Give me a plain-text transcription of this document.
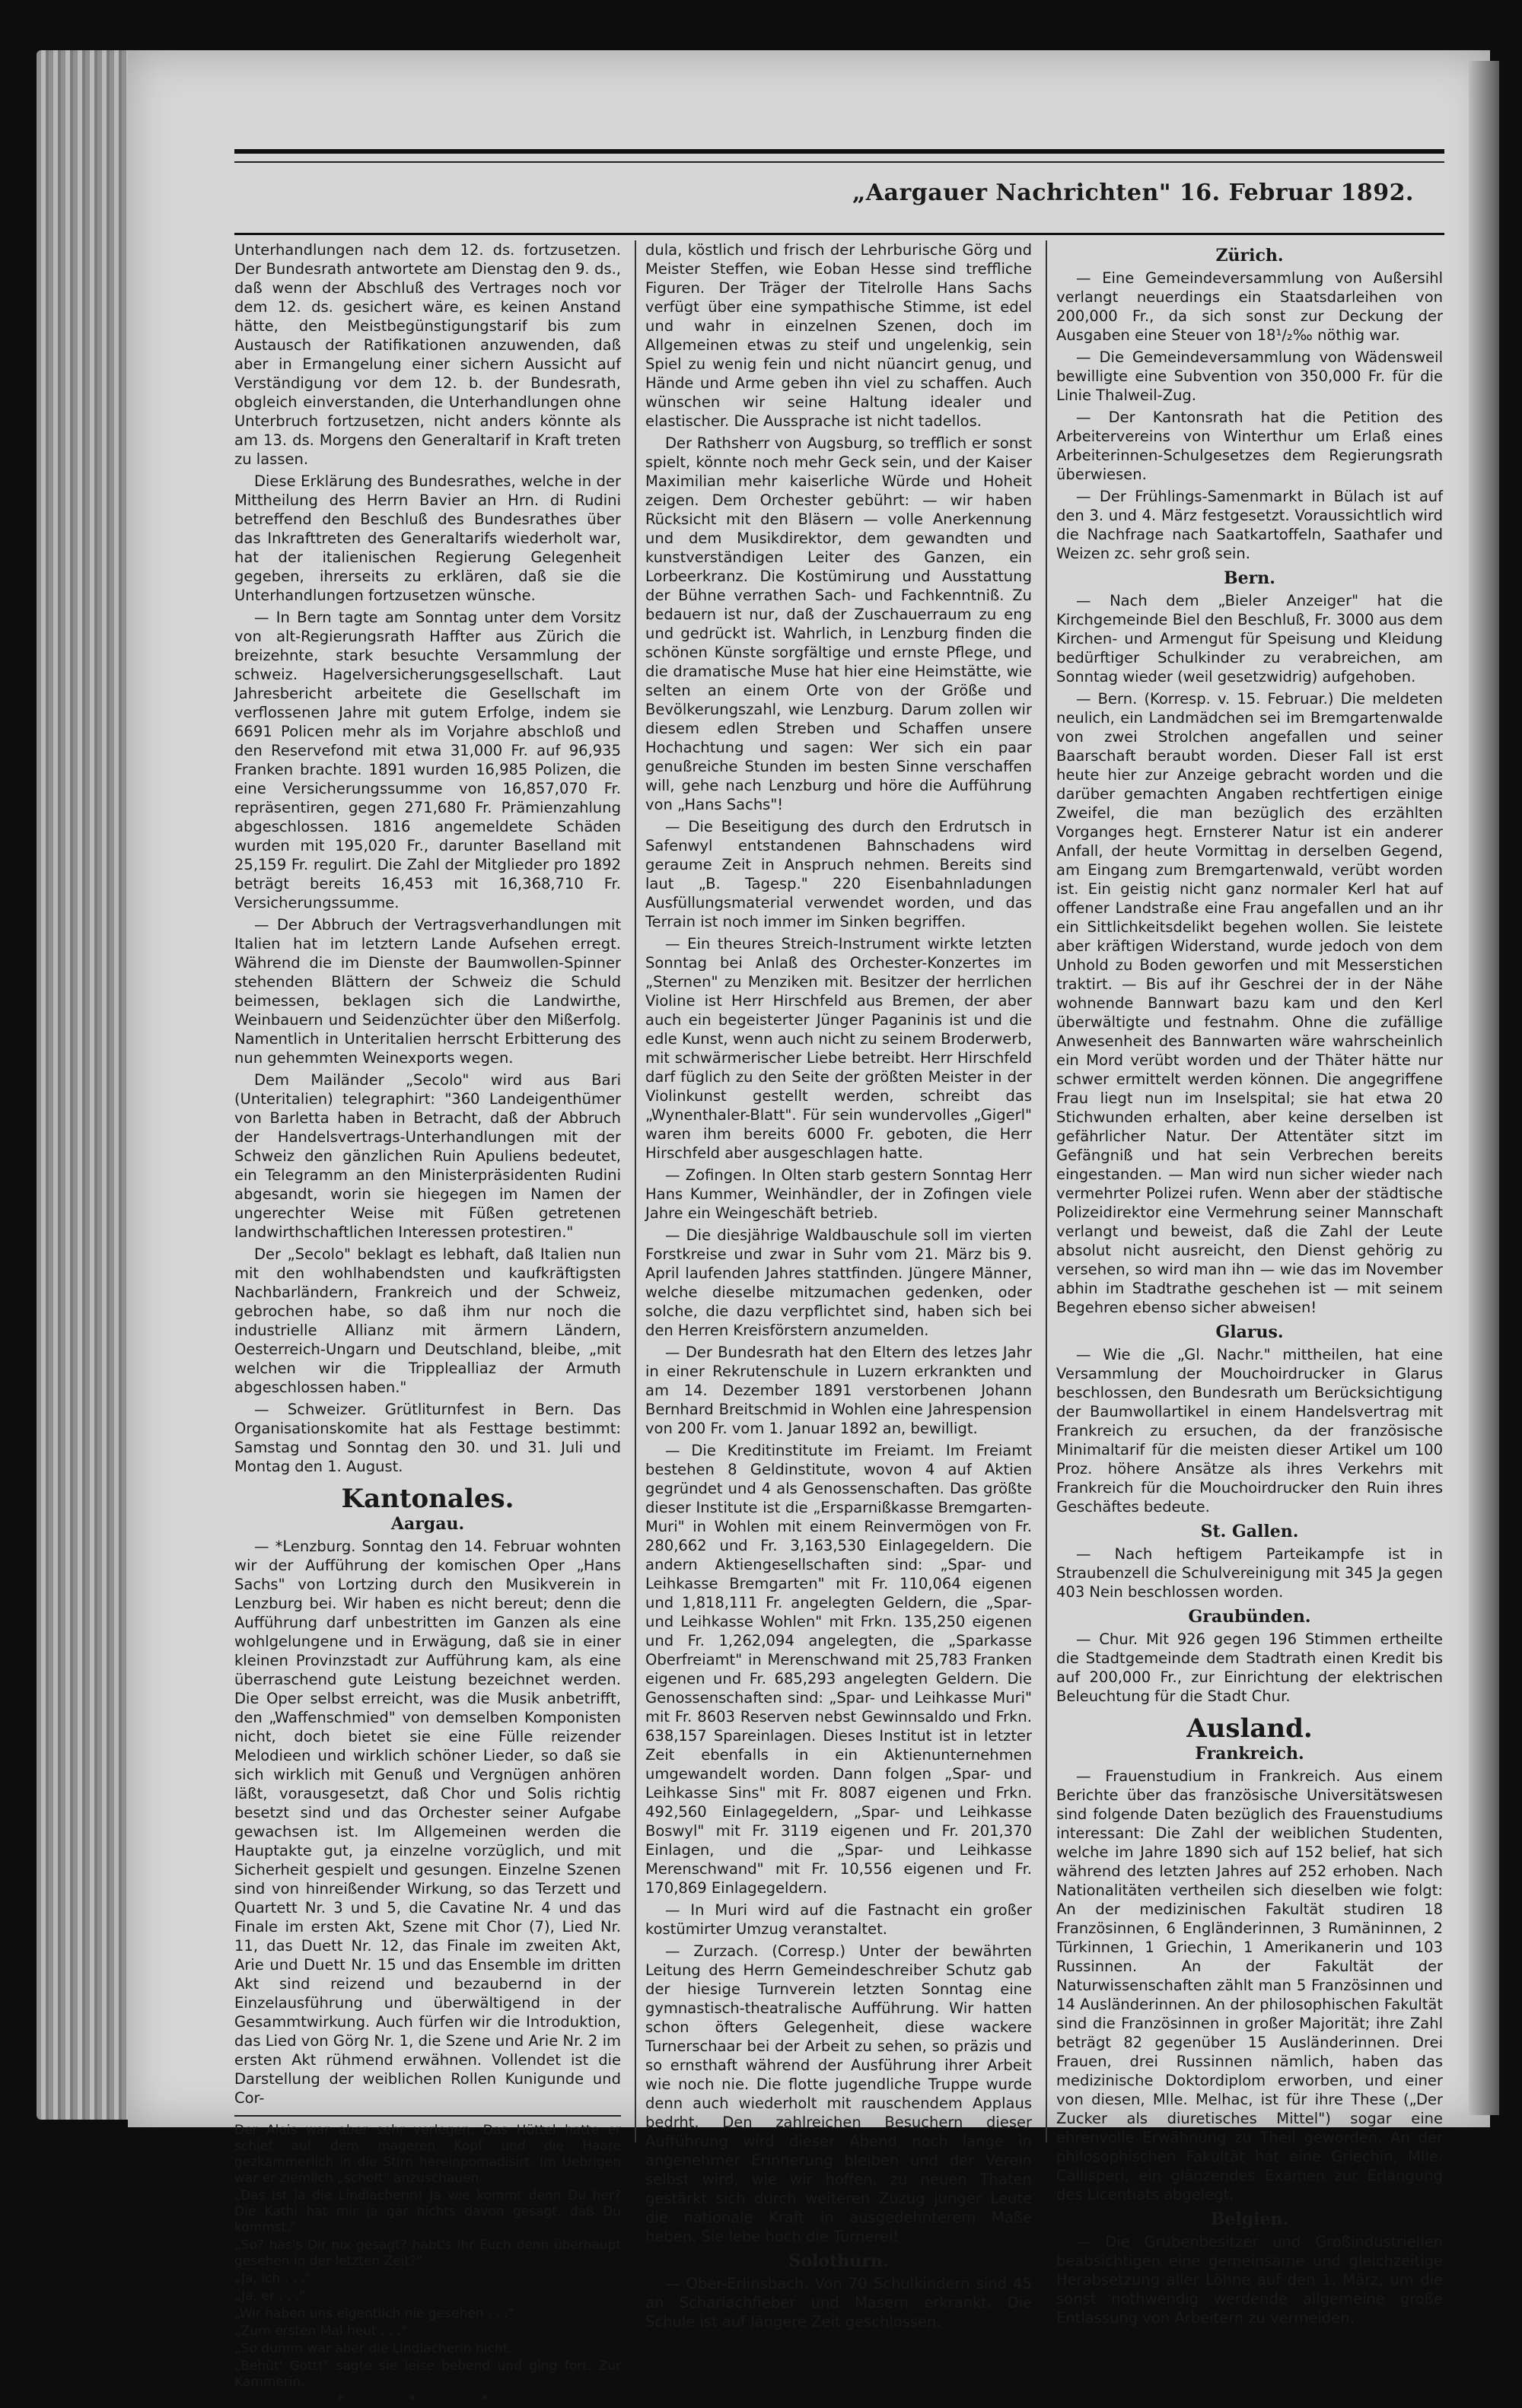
„Aargauer Nachrichten" 16. Februar 1892.

Unterhandlungen nach dem 12. ds. fortzusetzen. Der Bundesrath antwortete am Dienstag den 9. ds., daß wenn der Abschluß des Vertrages noch vor dem 12. ds. gesichert wäre, es keinen Anstand hätte, den Meistbegünstigungstarif bis zum Austausch der Ratifikationen anzuwenden, daß aber in Ermangelung einer sichern Aussicht auf Verständigung vor dem 12. b. der Bundesrath, obgleich einverstanden, die Unterhandlungen ohne Unterbruch fortzusetzen, nicht anders könnte als am 13. ds. Morgens den Generaltarif in Kraft treten zu lassen.

Diese Erklärung des Bundesrathes, welche in der Mittheilung des Herrn Bavier an Hrn. di Rudini betreffend den Beschluß des Bundesrathes über das Inkrafttreten des Generaltarifs wiederholt war, hat der italienischen Regierung Gelegenheit gegeben, ihrerseits zu erklären, daß sie die Unterhandlungen fortzusetzen wünsche.

— In Bern tagte am Sonntag unter dem Vorsitz von alt-Regierungsrath Haffter aus Zürich die breizehnte, stark besuchte Versammlung der schweiz. Hagelversicherungsgesellschaft. Laut Jahresbericht arbeitete die Gesellschaft im verflossenen Jahre mit gutem Erfolge, indem sie 6691 Policen mehr als im Vorjahre abschloß und den Reservefond mit etwa 31,000 Fr. auf 96,935 Franken brachte. 1891 wurden 16,985 Polizen, die eine Versicherungssumme von 16,857,070 Fr. repräsentiren, gegen 271,680 Fr. Prämienzahlung abgeschlossen. 1816 angemeldete Schäden wurden mit 195,020 Fr., darunter Baselland mit 25,159 Fr. regulirt. Die Zahl der Mitglieder pro 1892 beträgt bereits 16,453 mit 16,368,710 Fr. Versicherungssumme.

— Der Abbruch der Vertragsverhandlungen mit Italien hat im letztern Lande Aufsehen erregt. Während die im Dienste der Baumwollen-Spinner stehenden Blättern der Schweiz die Schuld beimessen, beklagen sich die Landwirthe, Weinbauern und Seidenzüchter über den Mißerfolg. Namentlich in Unteritalien herrscht Erbitterung des nun gehemmten Weinexports wegen.

Dem Mailänder „Secolo" wird aus Bari (Unteritalien) telegraphirt: "360 Landeigenthümer von Barletta haben in Betracht, daß der Abbruch der Handelsvertrags-Unterhandlungen mit der Schweiz den gänzlichen Ruin Apuliens bedeutet, ein Telegramm an den Ministerpräsidenten Rudini abgesandt, worin sie hiegegen im Namen der ungerechter Weise mit Füßen getretenen landwirthschaftlichen Interessen protestiren."

Der „Secolo" beklagt es lebhaft, daß Italien nun mit den wohlhabendsten und kaufkräftigsten Nachbarländern, Frankreich und der Schweiz, gebrochen habe, so daß ihm nur noch die industrielle Allianz mit ärmern Ländern, Oesterreich-Ungarn und Deutschland, bleibe, „mit welchen wir die Tripplealliaz der Armuth abgeschlossen haben."

— Schweizer. Grütliturnfest in Bern. Das Organisationskomite hat als Festtage bestimmt: Samstag und Sonntag den 30. und 31. Juli und Montag den 1. August.

Kantonales.
Aargau.

— *Lenzburg. Sonntag den 14. Februar wohnten wir der Aufführung der komischen Oper „Hans Sachs" von Lortzing durch den Musikverein in Lenzburg bei. Wir haben es nicht bereut; denn die Aufführung darf unbestritten im Ganzen als eine wohlgelungene und in Erwägung, daß sie in einer kleinen Provinzstadt zur Aufführung kam, als eine überraschend gute Leistung bezeichnet werden. Die Oper selbst erreicht, was die Musik anbetrifft, den „Waffenschmied" von demselben Komponisten nicht, doch bietet sie eine Fülle reizender Melodieen und wirklich schöner Lieder, so daß sie sich wirklich mit Genuß und Vergnügen anhören läßt, vorausgesetzt, daß Chor und Solis richtig besetzt sind und das Orchester seiner Aufgabe gewachsen ist. Im Allgemeinen werden die Hauptakte gut, ja einzelne vorzüglich, und mit Sicherheit gespielt und gesungen. Einzelne Szenen sind von hinreißender Wirkung, so das Terzett und Quartett Nr. 3 und 5, die Cavatine Nr. 4 und das Finale im ersten Akt, Szene mit Chor (7), Lied Nr. 11, das Duett Nr. 12, das Finale im zweiten Akt, Arie und Duett Nr. 15 und das Ensemble im dritten Akt sind reizend und bezaubernd in der Einzelausführung und überwältigend in der Gesammtwirkung. Auch fürfen wir die Introduktion, das Lied von Görg Nr. 1, die Szene und Arie Nr. 2 im ersten Akt rühmend erwähnen. Vollendet ist die Darstellung der weiblichen Rollen Kunigunde und Cor-

Der Alois war aber sehr verlegen. Das Hüttel hatte er schief auf dem mageren Kopf und die Haare gezkammerlich in die Stirn hereinpomadisirt. Im Uebrigen war er ziemlich „schoft" anzuschauen.

„Das ist ja die Lindlacherin! Ja wie kommt denn Du her? Die Kathi hat mir ja gar nichts davon gesagt, daß Du kommst."

„So? has's Dir nix gesagt? habt's Ihr Euch denn überhaupt gesehen in der letzten Zeit?"

„Ja, ich . . ."

„Ja, er . . ."

„Wir haben uns eigentlich nie gesehen . . ."

„Zum ersten Mal heut . . ."

„So dumm war aber die Lindlacherin nicht.

„Behüt' Gott!" sagte sie leise bebend und ging fort. Zur Kammerin.

* * *

dula, köstlich und frisch der Lehrburische Görg und Meister Steffen, wie Eoban Hesse sind treffliche Figuren. Der Träger der Titelrolle Hans Sachs verfügt über eine sympathische Stimme, ist edel und wahr in einzelnen Szenen, doch im Allgemeinen etwas zu steif und ungelenkig, sein Spiel zu wenig fein und nicht nüancirt genug, und Hände und Arme geben ihn viel zu schaffen. Auch wünschen wir seine Haltung idealer und elastischer. Die Aussprache ist nicht tadellos.

Der Rathsherr von Augsburg, so trefflich er sonst spielt, könnte noch mehr Geck sein, und der Kaiser Maximilian mehr kaiserliche Würde und Hoheit zeigen. Dem Orchester gebührt: — wir haben Rücksicht mit den Bläsern — volle Anerkennung und dem Musikdirektor, dem gewandten und kunstverständigen Leiter des Ganzen, ein Lorbeerkranz. Die Kostümirung und Ausstattung der Bühne verrathen Sach- und Fachkenntniß. Zu bedauern ist nur, daß der Zuschauerraum zu eng und gedrückt ist. Wahrlich, in Lenzburg finden die schönen Künste sorgfältige und ernste Pflege, und die dramatische Muse hat hier eine Heimstätte, wie selten an einem Orte von der Größe und Bevölkerungszahl, wie Lenzburg. Darum zollen wir diesem edlen Streben und Schaffen unsere Hochachtung und sagen: Wer sich ein paar genußreiche Stunden im besten Sinne verschaffen will, gehe nach Lenzburg und höre die Aufführung von „Hans Sachs"!

— Die Beseitigung des durch den Erdrutsch in Safenwyl entstandenen Bahnschadens wird geraume Zeit in Anspruch nehmen. Bereits sind laut „B. Tagesp." 220 Eisenbahnladungen Ausfüllungsmaterial verwendet worden, und das Terrain ist noch immer im Sinken begriffen.

— Ein theures Streich-Instrument wirkte letzten Sonntag bei Anlaß des Orchester-Konzertes im „Sternen" zu Menziken mit. Besitzer der herrlichen Violine ist Herr Hirschfeld aus Bremen, der aber auch ein begeisterter Jünger Paganinis ist und die edle Kunst, wenn auch nicht zu seinem Broderwerb, mit schwärmerischer Liebe betreibt. Herr Hirschfeld darf füglich zu den Seite der größten Meister in der Violinkunst gestellt werden, schreibt das „Wynenthaler-Blatt". Für sein wundervolles „Gigerl" waren ihm bereits 6000 Fr. geboten, die Herr Hirschfeld aber ausgeschlagen hatte.

— Zofingen. In Olten starb gestern Sonntag Herr Hans Kummer, Weinhändler, der in Zofingen viele Jahre ein Weingeschäft betrieb.

— Die diesjährige Waldbauschule soll im vierten Forstkreise und zwar in Suhr vom 21. März bis 9. April laufenden Jahres stattfinden. Jüngere Männer, welche dieselbe mitzumachen gedenken, oder solche, die dazu verpflichtet sind, haben sich bei den Herren Kreisförstern anzumelden.

— Der Bundesrath hat den Eltern des letzes Jahr in einer Rekrutenschule in Luzern erkrankten und am 14. Dezember 1891 verstorbenen Johann Bernhard Breitschmid in Wohlen eine Jahrespension von 200 Fr. vom 1. Januar 1892 an, bewilligt.

— Die Kreditinstitute im Freiamt. Im Freiamt bestehen 8 Geldinstitute, wovon 4 auf Aktien gegründet und 4 als Genossenschaften. Das größte dieser Institute ist die „Ersparnißkasse Bremgarten-Muri" in Wohlen mit einem Reinvermögen von Fr. 280,662 und Fr. 3,163,530 Einlagegeldern. Die andern Aktiengesellschaften sind: „Spar- und Leihkasse Bremgarten" mit Fr. 110,064 eigenen und 1,818,111 Fr. angelegten Geldern, die „Spar- und Leihkasse Wohlen" mit Frkn. 135,250 eigenen und Fr. 1,262,094 angelegten, die „Sparkasse Oberfreiamt" in Merenschwand mit 25,783 Franken eigenen und Fr. 685,293 angelegten Geldern. Die Genossenschaften sind: „Spar- und Leihkasse Muri" mit Fr. 8603 Reserven nebst Gewinnsaldo und Frkn. 638,157 Spareinlagen. Dieses Institut ist in letzter Zeit ebenfalls in ein Aktienunternehmen umgewandelt worden. Dann folgen „Spar- und Leihkasse Sins" mit Fr. 8087 eigenen und Frkn. 492,560 Einlagegeldern, „Spar- und Leihkasse Boswyl" mit Fr. 3119 eigenen und Fr. 201,370 Einlagen, und die „Spar- und Leihkasse Merenschwand" mit Fr. 10,556 eigenen und Fr. 170,869 Einlagegeldern.

— In Muri wird auf die Fastnacht ein großer kostümirter Umzug veranstaltet.

— Zurzach. (Corresp.) Unter der bewährten Leitung des Herrn Gemeindeschreiber Schutz gab der hiesige Turnverein letzten Sonntag eine gymnastisch-theatralische Aufführung. Wir hatten schon öfters Gelegenheit, diese wackere Turnerschaar bei der Arbeit zu sehen, so präzis und so ernsthaft während der Ausführung ihrer Arbeit wie noch nie. Die flotte jugendliche Truppe wurde denn auch wiederholt mit rauschendem Applaus bedrht. Den zahlreichen Besuchern dieser Aufführung wird dieser Abend noch lange in angenehmer Erinnerung bleiben und der Verein selbst wird, wie wir hoffen, zu neuen Thaten gestärkt sich durch weiteren Zuzug junger Leute die nationale Kraft in ausgedehnterem Maße heben. Sie lebe hoch die Turnerei!

Solothurn.

— Ober-Erlinsbach. Von 70 Schulkindern sind 45 an Scharlachfieber und Masern erkrankt. Die Schule ist auf längere Zeit geschlossen.

Zürich.

— Eine Gemeindeversammlung von Außersihl verlangt neuerdings ein Staatsdarleihen von 200,000 Fr., da sich sonst zur Deckung der Ausgaben eine Steuer von 18¹/₂‰ nöthig war.

— Die Gemeindeversammlung von Wädensweil bewilligte eine Subvention von 350,000 Fr. für die Linie Thalweil-Zug.

— Der Kantonsrath hat die Petition des Arbeitervereins von Winterthur um Erlaß eines Arbeiterinnen-Schulgesetzes dem Regierungsrath überwiesen.

— Der Frühlings-Samenmarkt in Bülach ist auf den 3. und 4. März festgesetzt. Voraussichtlich wird die Nachfrage nach Saatkartoffeln, Saathafer und Weizen zc. sehr groß sein.

Bern.

— Nach dem „Bieler Anzeiger" hat die Kirchgemeinde Biel den Beschluß, Fr. 3000 aus dem Kirchen- und Armengut für Speisung und Kleidung bedürftiger Schulkinder zu verabreichen, am Sonntag wieder (weil gesetzwidrig) aufgehoben.

— Bern. (Korresp. v. 15. Februar.) Die meldeten neulich, ein Landmädchen sei im Bremgartenwalde von zwei Strolchen angefallen und seiner Baarschaft beraubt worden. Dieser Fall ist erst heute hier zur Anzeige gebracht worden und die darüber gemachten Angaben rechtfertigen einige Zweifel, die man bezüglich des erzählten Vorganges hegt. Ernsterer Natur ist ein anderer Anfall, der heute Vormittag in derselben Gegend, am Eingang zum Bremgartenwald, verübt worden ist. Ein geistig nicht ganz normaler Kerl hat auf offener Landstraße eine Frau angefallen und an ihr ein Sittlichkeitsdelikt begehen wollen. Sie leistete aber kräftigen Widerstand, wurde jedoch von dem Unhold zu Boden geworfen und mit Messerstichen traktirt. — Bis auf ihr Geschrei der in der Nähe wohnende Bannwart bazu kam und den Kerl überwältigte und festnahm. Ohne die zufällige Anwesenheit des Bannwarten wäre wahrscheinlich ein Mord verübt worden und der Thäter hätte nur schwer ermittelt werden können. Die angegriffene Frau liegt nun im Inselspital; sie hat etwa 20 Stichwunden erhalten, aber keine derselben ist gefährlicher Natur. Der Attentäter sitzt im Gefängniß und hat sein Verbrechen bereits eingestanden. — Man wird nun sicher wieder nach vermehrter Polizei rufen. Wenn aber der städtische Polizeidirektor eine Vermehrung seiner Mannschaft verlangt und beweist, daß die Zahl der Leute absolut nicht ausreicht, den Dienst gehörig zu versehen, so wird man ihn — wie das im November abhin im Stadtrathe geschehen ist — mit seinem Begehren ebenso sicher abweisen!

Glarus.

— Wie die „Gl. Nachr." mittheilen, hat eine Versammlung der Mouchoirdrucker in Glarus beschlossen, den Bundesrath um Berücksichtigung der Baumwollartikel in einem Handelsvertrag mit Frankreich zu ersuchen, da der französische Minimaltarif für die meisten dieser Artikel um 100 Proz. höhere Ansätze als ihres Verkehrs mit Frankreich für die Mouchoirdrucker den Ruin ihres Geschäftes bedeute.

St. Gallen.

— Nach heftigem Parteikampfe ist in Straubenzell die Schulvereinigung mit 345 Ja gegen 403 Nein beschlossen worden.

Graubünden.

— Chur. Mit 926 gegen 196 Stimmen ertheilte die Stadtgemeinde dem Stadtrath einen Kredit bis auf 200,000 Fr., zur Einrichtung der elektrischen Beleuchtung für die Stadt Chur.

Ausland.
Frankreich.

— Frauenstudium in Frankreich. Aus einem Berichte über das französische Universitätswesen sind folgende Daten bezüglich des Frauenstudiums interessant: Die Zahl der weiblichen Studenten, welche im Jahre 1890 sich auf 152 belief, hat sich während des letzten Jahres auf 252 erhoben. Nach Nationalitäten vertheilen sich dieselben wie folgt: An der medizinischen Fakultät studiren 18 Französinnen, 6 Engländerinnen, 3 Rumäninnen, 2 Türkinnen, 1 Griechin, 1 Amerikanerin und 103 Russinnen. An der Fakultät der Naturwissenschaften zählt man 5 Französinnen und 14 Ausländerinnen. An der philosophischen Fakultät sind die Französinnen in großer Majorität; ihre Zahl beträgt 82 gegenüber 15 Ausländerinnen. Drei Frauen, drei Russinnen nämlich, haben das medizinische Doktordiplom erworben, und einer von diesen, Mlle. Melhac, ist für ihre These („Der Zucker als diuretisches Mittel") sogar eine ehrenvolle Erwähnung zu Theil geworden. An der philosophischen Fakultät hat eine Griechin, Mlle. Callisperi, ein glänzendes Examen zur Erlangung des Licentiats abgelegt.

Belgien.

— Die Grubenbesitzer und Großindustriellen beabsichtigen eine gemeinsame und gleichzeitige Herabsetzung aller Löhne auf den 1. März, um die sonst nothwendig werdende allgemeine große Entlassung von Arbeitern zu vermeiden.
